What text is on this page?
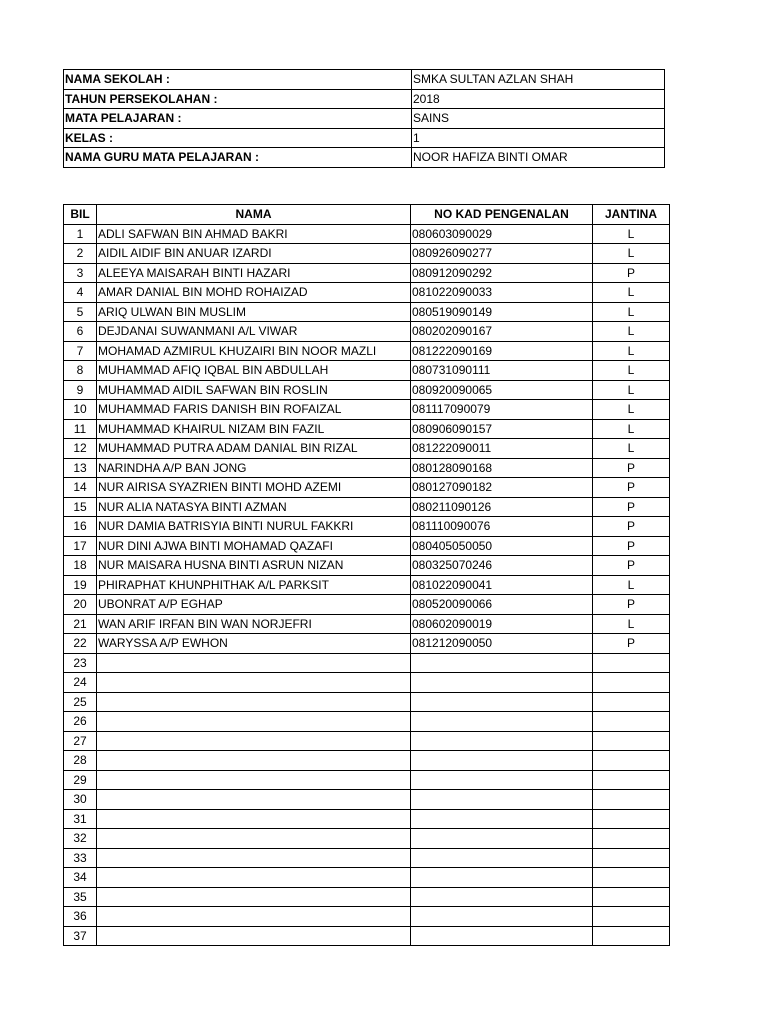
NAMA SEKOLAH :	SMKA SULTAN AZLAN SHAH
TAHUN PERSEKOLAHAN :	2018
MATA PELAJARAN :	SAINS
KELAS :	1
NAMA GURU MATA PELAJARAN :	NOOR HAFIZA BINTI OMAR
BIL	NAMA	NO KAD PENGENALAN	JANTINA
1	ADLI SAFWAN BIN AHMAD BAKRI	080603090029	L
2	AIDIL AIDIF BIN ANUAR IZARDI	080926090277	L
3	ALEEYA MAISARAH BINTI HAZARI	080912090292	P
4	AMAR DANIAL BIN MOHD ROHAIZAD	081022090033	L
5	ARIQ ULWAN BIN MUSLIM	080519090149	L
6	DEJDANAI SUWANMANI A/L VIWAR	080202090167	L
7	MOHAMAD AZMIRUL KHUZAIRI BIN NOOR MAZLI	081222090169	L
8	MUHAMMAD AFIQ IQBAL BIN ABDULLAH	080731090111	L
9	MUHAMMAD AIDIL SAFWAN BIN ROSLIN	080920090065	L
10	MUHAMMAD FARIS DANISH BIN ROFAIZAL	081117090079	L
11	MUHAMMAD KHAIRUL NIZAM BIN FAZIL	080906090157	L
12	MUHAMMAD PUTRA ADAM DANIAL BIN RIZAL	081222090011	L
13	NARINDHA A/P BAN JONG	080128090168	P
14	NUR AIRISA SYAZRIEN BINTI MOHD AZEMI	080127090182	P
15	NUR ALIA NATASYA BINTI AZMAN	080211090126	P
16	NUR DAMIA BATRISYIA BINTI NURUL FAKKRI	081110090076	P
17	NUR DINI AJWA BINTI MOHAMAD QAZAFI	080405050050	P
18	NUR MAISARA HUSNA BINTI ASRUN NIZAN	080325070246	P
19	PHIRAPHAT KHUNPHITHAK A/L PARKSIT	081022090041	L
20	UBONRAT A/P EGHAP	080520090066	P
21	WAN ARIF IRFAN BIN WAN NORJEFRI	080602090019	L
22	WARYSSA A/P EWHON	081212090050	P
23			
24			
25			
26			
27			
28			
29			
30			
31			
32			
33			
34			
35			
36			
37			
